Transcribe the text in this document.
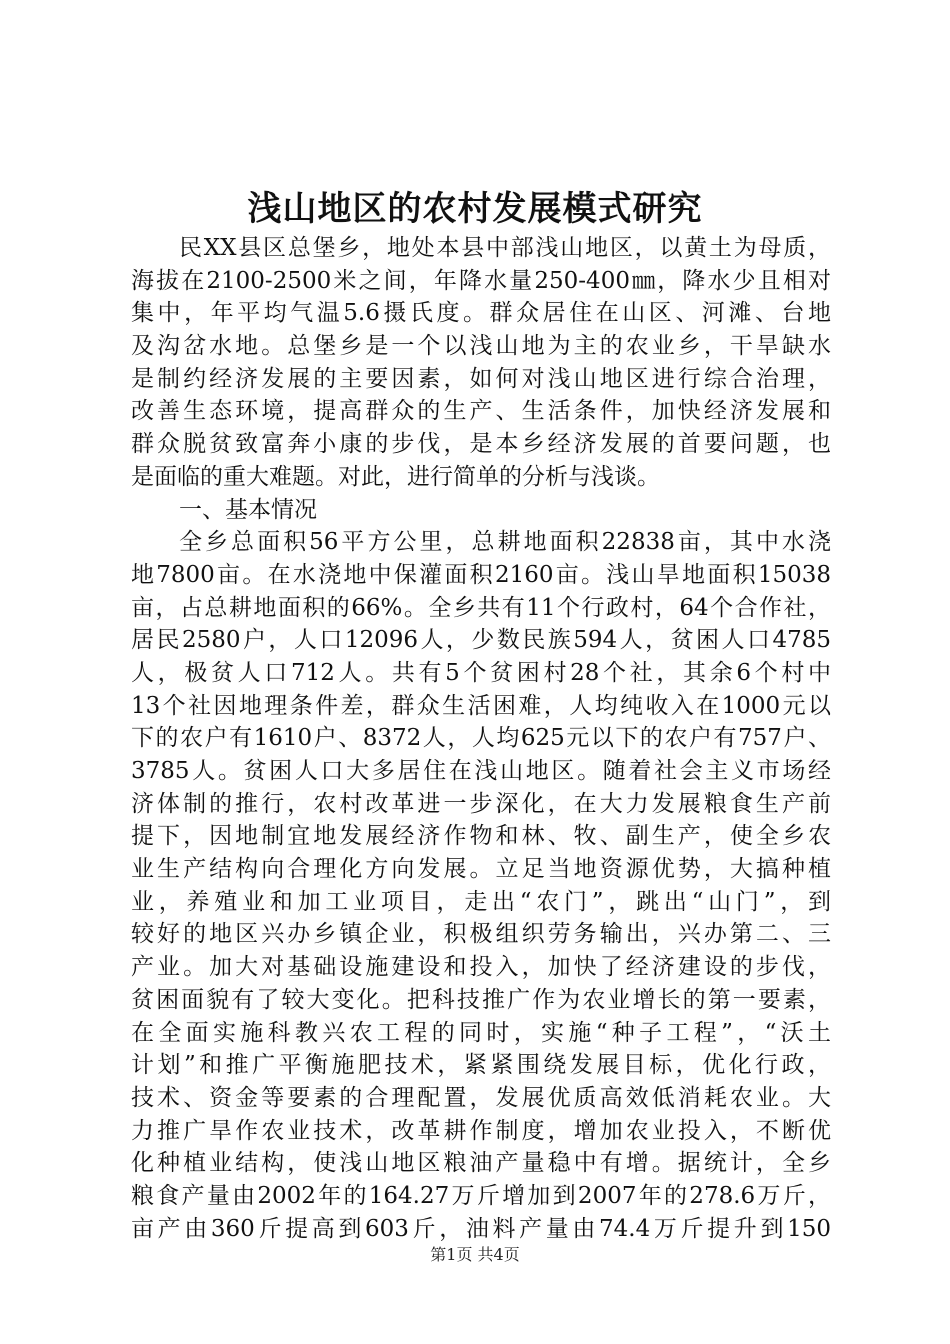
浅山地区的农村发展模式研究
民XX县区总堡乡，地处本县中部浅山地区，以黄土为母质，
海拔在2100-2500米之间，年降水量250-400㎜，降水少且相对
集中，年平均气温5.6摄氏度。群众居住在山区、河滩、台地
及沟岔水地。总堡乡是一个以浅山地为主的农业乡，干旱缺水
是制约经济发展的主要因素，如何对浅山地区进行综合治理，
改善生态环境，提高群众的生产、生活条件，加快经济发展和
群众脱贫致富奔小康的步伐，是本乡经济发展的首要问题，也
是面临的重大难题。对此，进行简单的分析与浅谈。
一、基本情况
全乡总面积56平方公里，总耕地面积22838亩，其中水浇
地7800亩。在水浇地中保灌面积2160亩。浅山旱地面积15038
亩，占总耕地面积的66%。全乡共有11个行政村，64个合作社，
居民2580户，人口12096人，少数民族594人，贫困人口4785
人，极贫人口712人。共有5个贫困村28个社，其余6个村中
13个社因地理条件差，群众生活困难，人均纯收入在1000元以
下的农户有1610户、8372人，人均625元以下的农户有757户、
3785人。贫困人口大多居住在浅山地区。随着社会主义市场经
济体制的推行，农村改革进一步深化，在大力发展粮食生产前
提下，因地制宜地发展经济作物和林、牧、副生产，使全乡农
业生产结构向合理化方向发展。立足当地资源优势，大搞种植
业，养殖业和加工业项目，走出“农门”，跳出“山门”，到
较好的地区兴办乡镇企业，积极组织劳务输出，兴办第二、三
产业。加大对基础设施建设和投入，加快了经济建设的步伐，
贫困面貌有了较大变化。把科技推广作为农业增长的第一要素，
在全面实施科教兴农工程的同时，实施“种子工程”，“沃土
计划”和推广平衡施肥技术，紧紧围绕发展目标，优化行政，
技术、资金等要素的合理配置，发展优质高效低消耗农业。大
力推广旱作农业技术，改革耕作制度，增加农业投入，不断优
化种植业结构，使浅山地区粮油产量稳中有增。据统计，全乡
粮食产量由2002年的164.27万斤增加到2007年的278.6万斤，
亩产由360斤提高到603斤，油料产量由74.4万斤提升到150
第1页 共4页
